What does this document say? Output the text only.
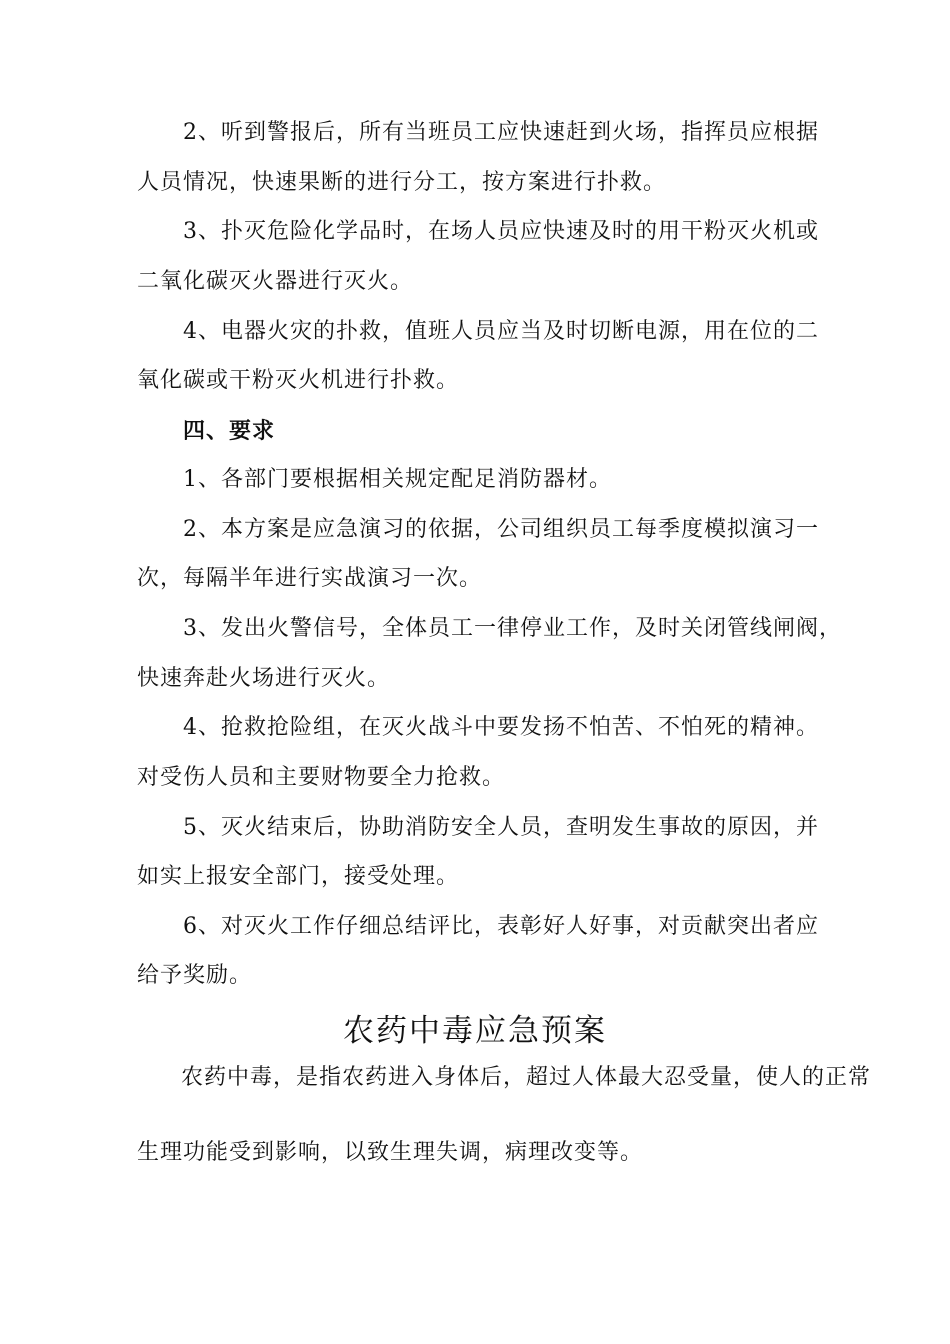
2、听到警报后，所有当班员工应快速赶到火场，指挥员应根据
人员情况，快速果断的进行分工，按方案进行扑救。
3、扑灭危险化学品时，在场人员应快速及时的用干粉灭火机或
二氧化碳灭火器进行灭火。
4、电器火灾的扑救，值班人员应当及时切断电源，用在位的二
氧化碳或干粉灭火机进行扑救。
四、要求
1、各部门要根据相关规定配足消防器材。
2、本方案是应急演习的依据，公司组织员工每季度模拟演习一
次，每隔半年进行实战演习一次。
3、发出火警信号，全体员工一律停业工作，及时关闭管线闸阀，
快速奔赴火场进行灭火。
4、抢救抢险组，在灭火战斗中要发扬不怕苦、不怕死的精神。
对受伤人员和主要财物要全力抢救。
5、灭火结束后，协助消防安全人员，查明发生事故的原因，并
如实上报安全部门，接受处理。
6、对灭火工作仔细总结评比，表彰好人好事，对贡献突出者应
给予奖励。
农药中毒应急预案
农药中毒，是指农药进入身体后，超过人体最大忍受量，使人的正常
生理功能受到影响，以致生理失调，病理改变等。
